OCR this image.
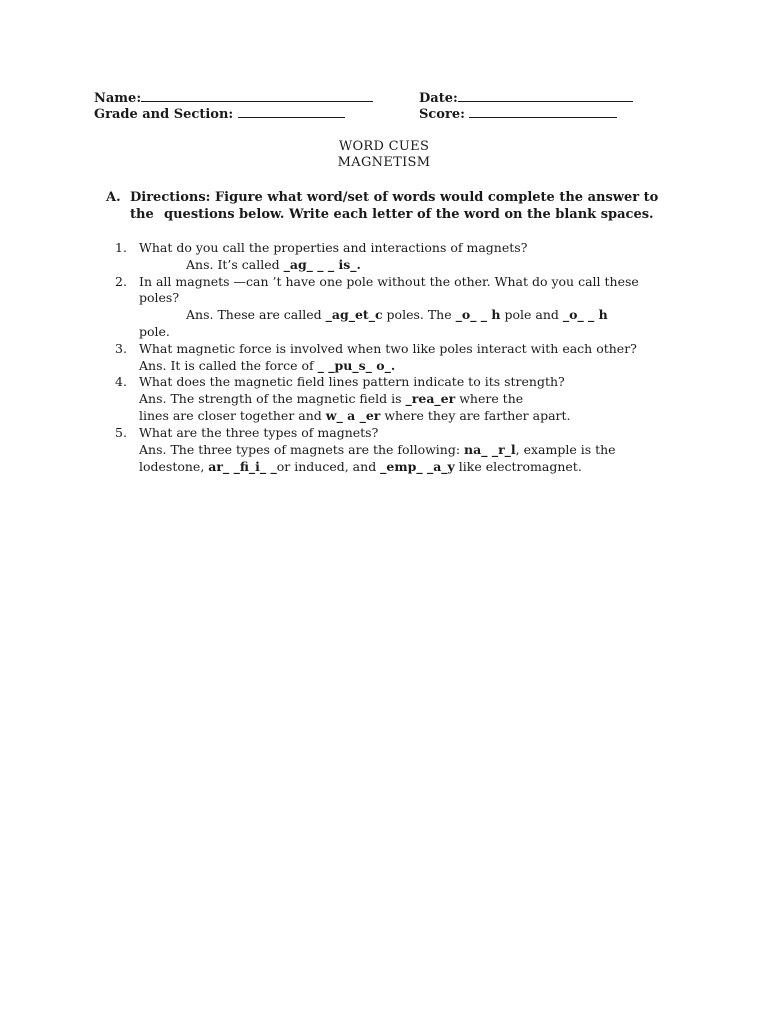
Name:	Date:
Grade and Section:	Score:
WORD CUES
MAGNETISM
A. Directions: Figure what word/set of words would complete the answer to the questions below. Write each letter of the word on the blank spaces.
1. What do you call the properties and interactions of magnets?
Ans. It’s called _ag_ _ _ is_.
2. In all magnets —can ’t have one pole without the other. What do you call these
poles?
Ans. These are called _ag_et_c poles. The _o_ _ h pole and _o_ _ h
pole.
3. What magnetic force is involved when two like poles interact with each other?
Ans. It is called the force of _ _pu_s_ o_.
4. What does the magnetic field lines pattern indicate to its strength?
Ans. The strength of the magnetic field is _rea_er where the
lines are closer together and w_ a _er where they are farther apart.
5. What are the three types of magnets?
Ans. The three types of magnets are the following: na_ _r_l, example is the
lodestone, ar_ _fi_i_ _or induced, and _emp_ _a_y like electromagnet.
